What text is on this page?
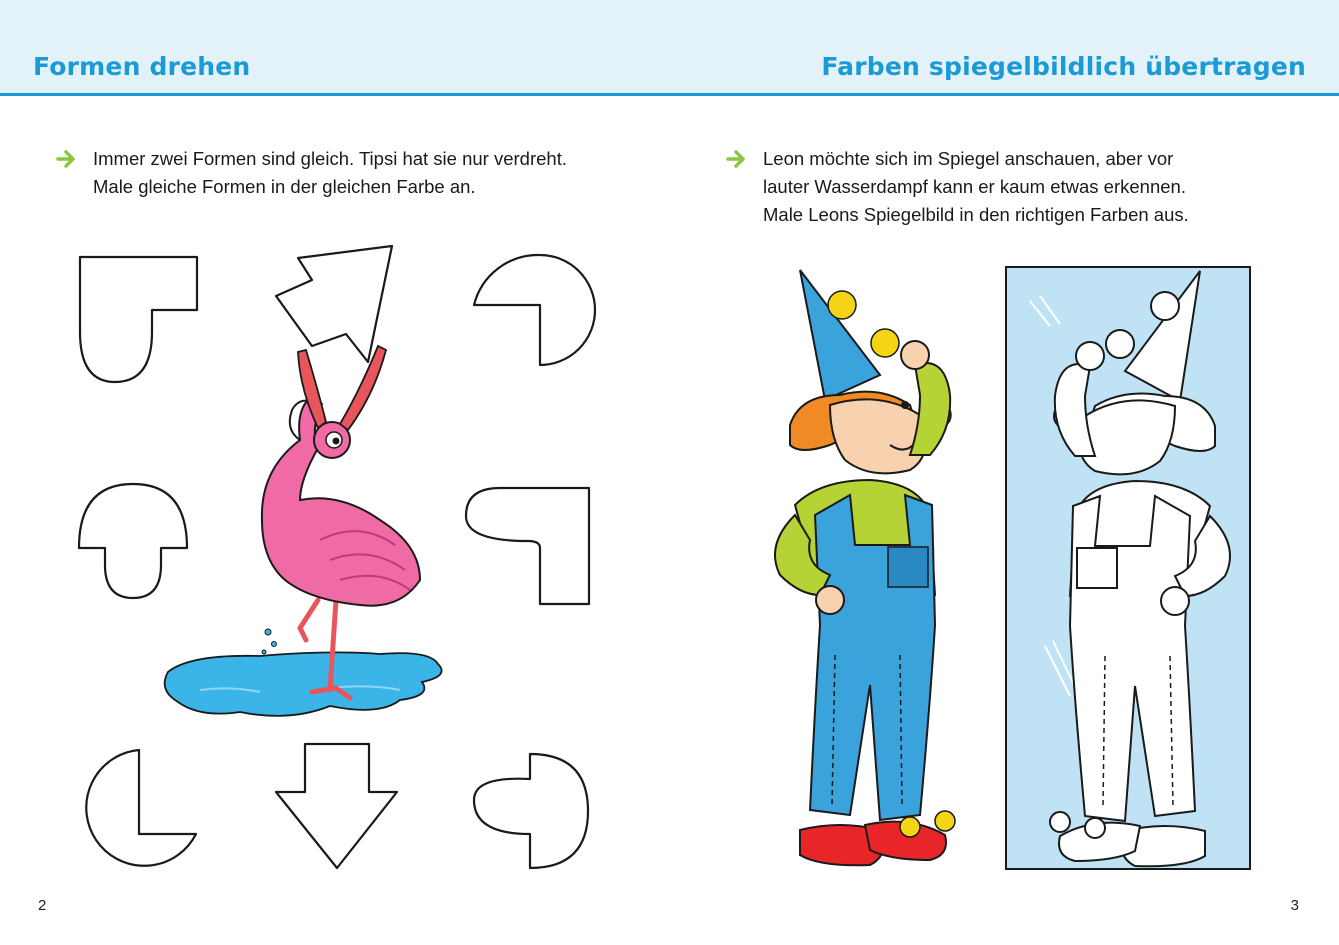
Formen drehen	Farben spiegelbildlich übertragen
Immer zwei Formen sind gleich. Tipsi hat sie nur verdreht.
Male gleiche Formen in der gleichen Farbe an.
Leon möchte sich im Spiegel anschauen, aber vor
lauter Wasserdampf kann er kaum etwas erkennen.
Male Leons Spiegelbild in den richtigen Farben aus.
2	3
